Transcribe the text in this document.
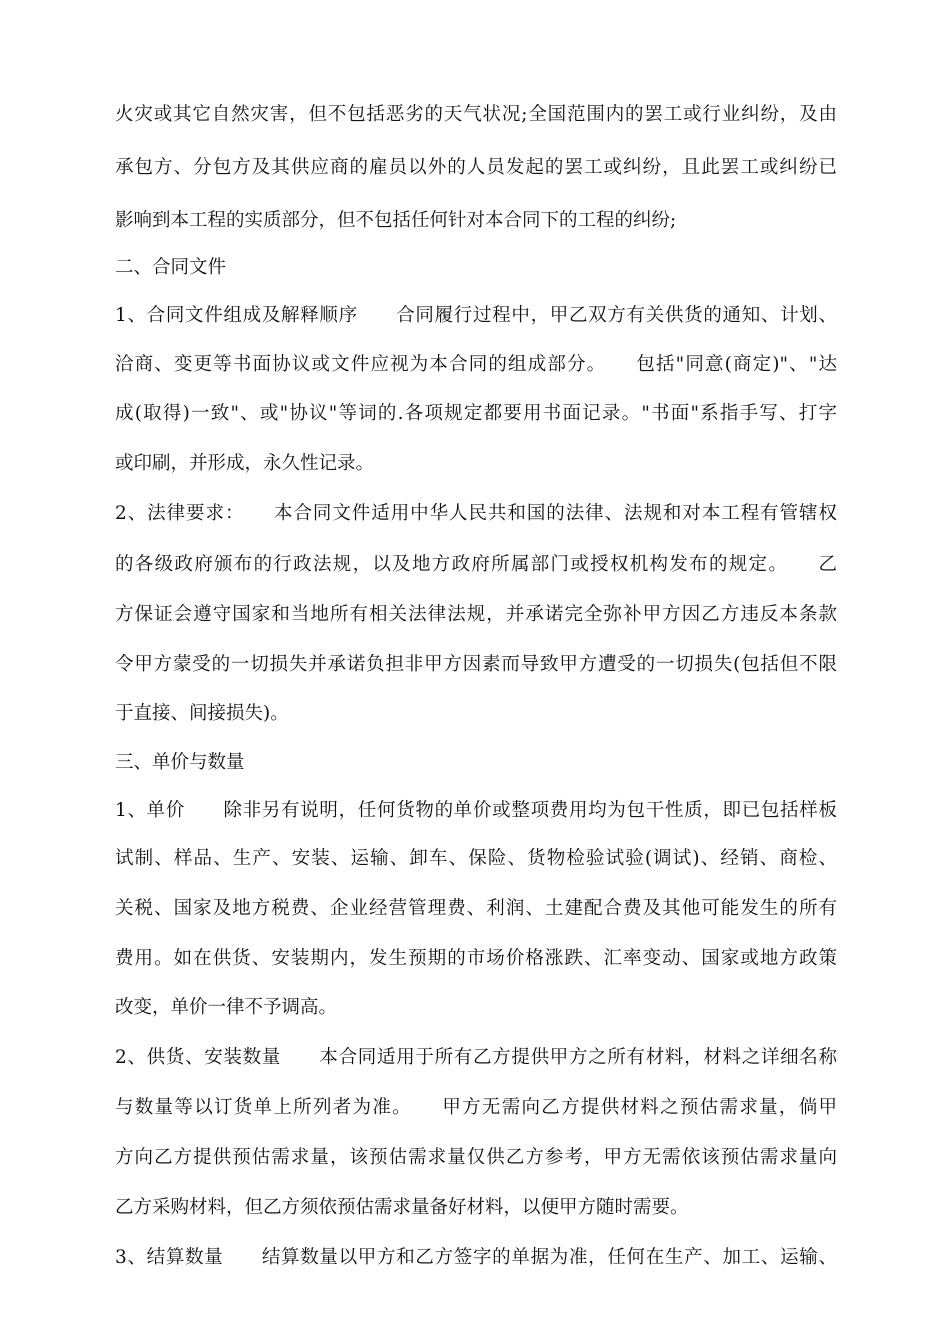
火灾或其它自然灾害，但不包括恶劣的天气状况;全国范围内的罢工或行业纠纷，及由
承包方、分包方及其供应商的雇员以外的人员发起的罢工或纠纷，且此罢工或纠纷已
影响到本工程的实质部分，但不包括任何针对本合同下的工程的纠纷;
二、合同文件
1、合同文件组成及解释顺序　　合同履行过程中，甲乙双方有关供货的通知、计划、
洽商、变更等书面协议或文件应视为本合同的组成部分。　　包括"同意(商定)"、"达
成(取得)一致"、或"协议"等词的.各项规定都要用书面记录。"书面"系指手写、打字
或印刷，并形成，永久性记录。
2、法律要求：　　本合同文件适用中华人民共和国的法律、法规和对本工程有管辖权
的各级政府颁布的行政法规，以及地方政府所属部门或授权机构发布的规定。　　乙
方保证会遵守国家和当地所有相关法律法规，并承诺完全弥补甲方因乙方违反本条款
令甲方蒙受的一切损失并承诺负担非甲方因素而导致甲方遭受的一切损失(包括但不限
于直接、间接损失)。
三、单价与数量
1、单价　　除非另有说明，任何货物的单价或整项费用均为包干性质，即已包括样板
试制、样品、生产、安装、运输、卸车、保险、货物检验试验(调试)、经销、商检、
关税、国家及地方税费、企业经营管理费、利润、土建配合费及其他可能发生的所有
费用。如在供货、安装期内，发生预期的市场价格涨跌、汇率变动、国家或地方政策
改变，单价一律不予调高。
2、供货、安装数量　　本合同适用于所有乙方提供甲方之所有材料，材料之详细名称
与数量等以订货单上所列者为准。　　甲方无需向乙方提供材料之预估需求量，倘甲
方向乙方提供预估需求量，该预估需求量仅供乙方参考，甲方无需依该预估需求量向
乙方采购材料，但乙方须依预估需求量备好材料，以便甲方随时需要。
3、结算数量　　结算数量以甲方和乙方签字的单据为准，任何在生产、加工、运输、
